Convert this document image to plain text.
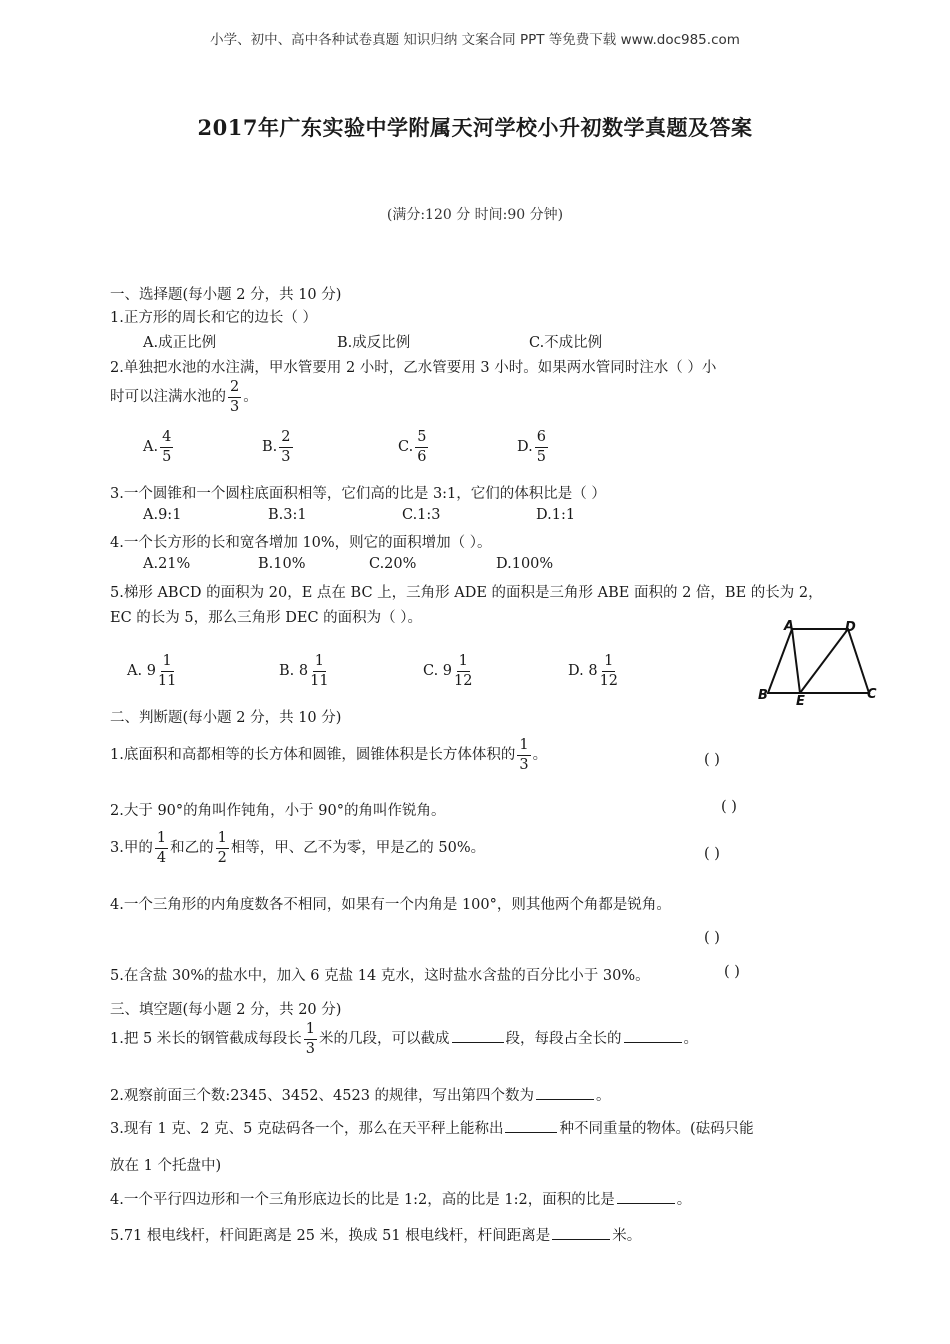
小学、初中、高中各种试卷真题 知识归纳 文案合同 PPT 等免费下载 www.doc985.com
2017年广东实验中学附属天河学校小升初数学真题及答案
(满分:120 分 时间:90 分钟)
一、选择题(每小题 2 分，共 10 分)
1.正方形的周长和它的边长（ ）
A.成正比例	B.成反比例	C.不成比例
2.单独把水池的水注满，甲水管要用 2 小时，乙水管要用 3 小时。如果两水管同时注水（ ）小
时可以注满水池的 $\frac{2}{3}$ 。
A. $\frac{4}{5}$	B. $\frac{2}{3}$	C. $\frac{5}{6}$	D. $\frac{6}{5}$
3.一个圆锥和一个圆柱底面积相等，它们高的比是 3:1，它们的体积比是（ ）
A.9:1	B.3:1	C.1:3	D.1:1
4.一个长方形的长和宽各增加 10%，则它的面积增加（ ）。
A.21%	B.10%	C.20%	D.100%
5.梯形 ABCD 的面积为 20，E 点在 BC 上，三角形 ADE 的面积是三角形 ABE 面积的 2 倍，BE 的长为 2，
EC 的长为 5，那么三角形 DEC 的面积为（ ）。
A. $9 \frac{1}{11}$	B. $8 \frac{1}{11}$	C. $9 \frac{1}{12}$	D. $8 \frac{1}{12}$
A	D
B E	C
二、判断题(每小题 2 分，共 10 分)
1.底面积和高都相等的长方体和圆锥，圆锥体积是长方体体积的 $\frac{1}{3}$ 。	( )
2.大于 90°的角叫作钝角，小于 90°的角叫作锐角。	( )
3.甲的 $\frac{1}{4}$ 和乙的 $\frac{1}{2}$ 相等，甲、乙不为零，甲是乙的 50%。	( )
4.一个三角形的内角度数各不相同，如果有一个内角是 100°，则其他两个角都是锐角。
( )
5.在含盐 30%的盐水中，加入 6 克盐 14 克水，这时盐水含盐的百分比小于 30%。	( )
三、填空题(每小题 2 分，共 20 分)
1.把 5 米长的钢管截成每段长 $\frac{1}{3}$ 米的几段，可以截成	段，每段占全长的	。
2.观察前面三个数:2345、3452、4523 的规律，写出第四个数为	。
3.现有 1 克、2 克、5 克砝码各一个，那么在天平秤上能称出	种不同重量的物体。(砝码只能
放在 1 个托盘中)
4.一个平行四边形和一个三角形底边长的比是 1:2，高的比是 1:2，面积的比是	。
5.71 根电线杆，杆间距离是 25 米，换成 51 根电线杆，杆间距离是	米。
